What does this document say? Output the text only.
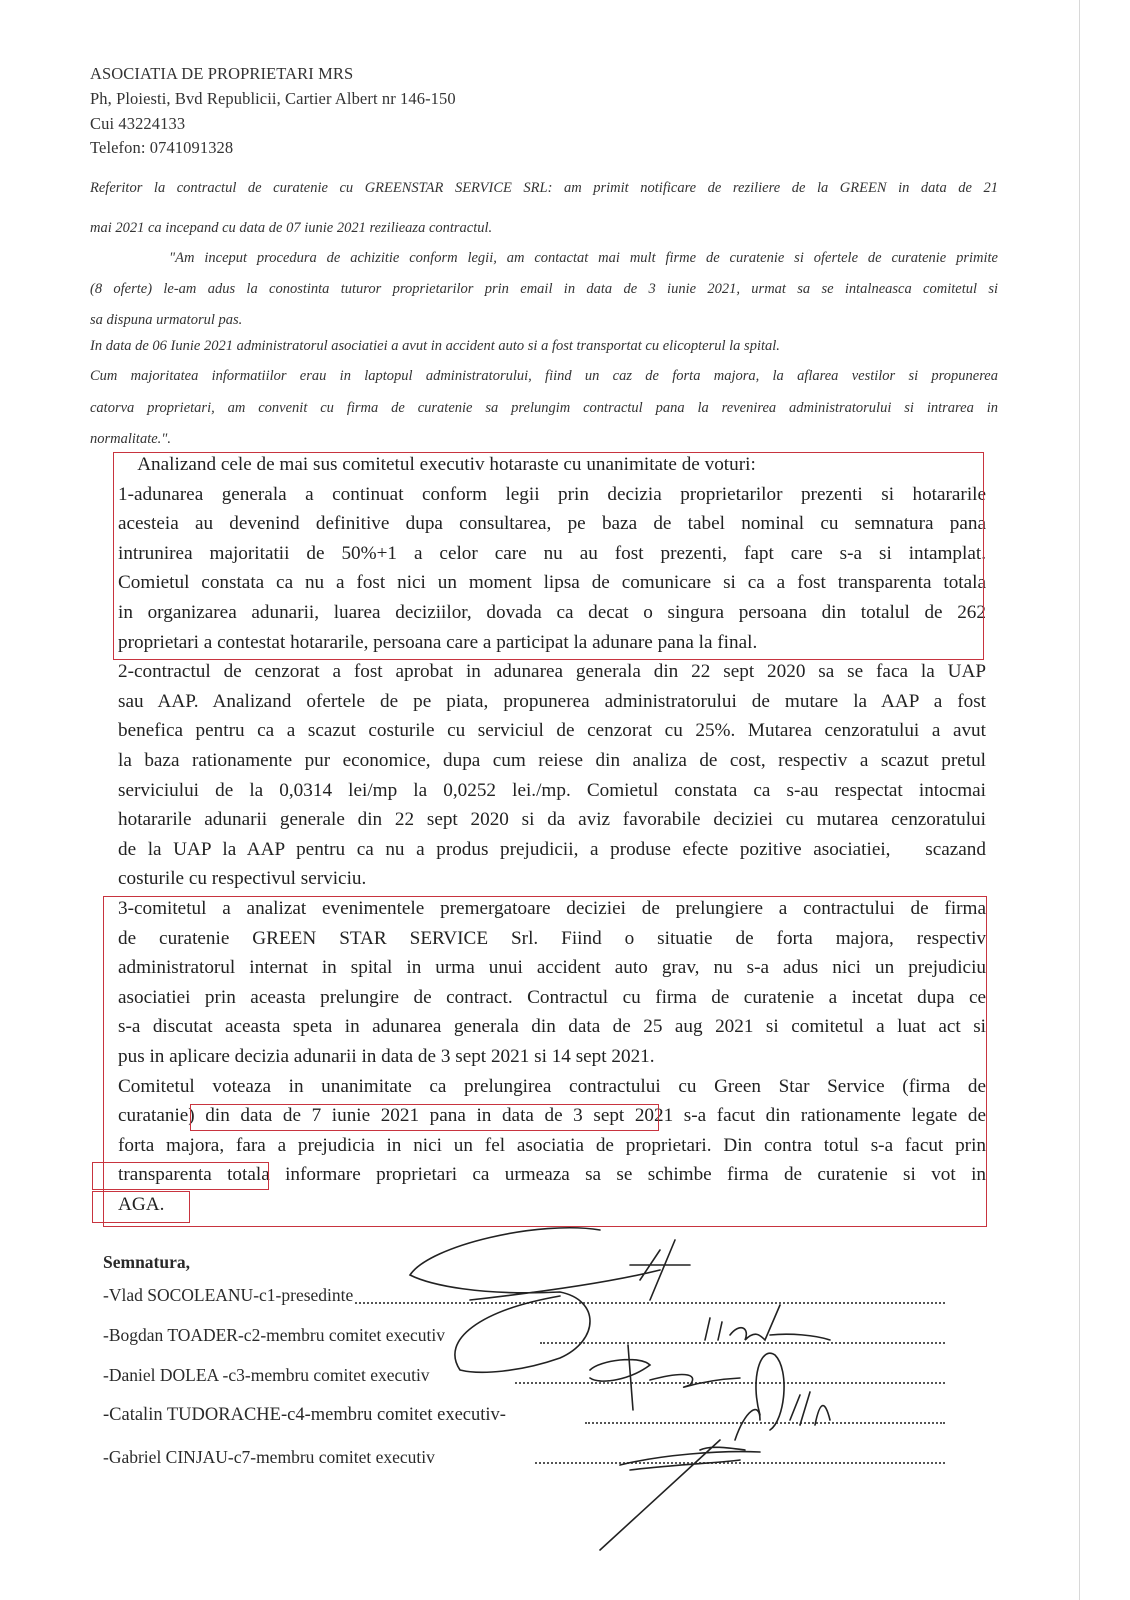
ASOCIATIA DE PROPRIETARI MRS
Ph, Ploiesti, Bvd Republicii, Cartier Albert nr 146-150
Cui 43224133
Telefon: 0741091328
Referitor la contractul de curatenie cu GREENSTAR SERVICE SRL: am primit notificare de reziliere de la GREEN in data de 21
mai 2021 ca incepand cu data de 07 iunie 2021 rezilieaza contractul.
"Am inceput procedura de achizitie conform legii, am contactat mai mult firme de curatenie si ofertele de curatenie primite
(8 oferte) le-am adus la conostinta tuturor proprietarilor prin email in data de 3 iunie 2021, urmat sa se intalneasca comitetul si
sa dispuna urmatorul pas.
In data de 06 Iunie 2021 administratorul asociatiei a avut in accident auto si a fost transportat cu elicopterul la spital.
Cum majoritatea informatiilor erau in laptopul administratorului, fiind un caz de forta majora, la aflarea vestilor si propunerea
catorva proprietari, am convenit cu firma de curatenie sa prelungim contractul pana la revenirea administratorului si intrarea in
normalitate.".
Analizand cele de mai sus comitetul executiv hotaraste cu unanimitate de voturi:
1-adunarea generala a continuat conform legii prin decizia proprietarilor prezenti si hotararile
acesteia au devenind definitive dupa consultarea, pe baza de tabel nominal cu semnatura pana
intrunirea majoritatii de 50%+1 a celor care nu au fost prezenti, fapt care s-a si intamplat.
Comietul constata ca nu a fost nici un moment lipsa de comunicare si ca a fost transparenta totala
in organizarea adunarii, luarea deciziilor, dovada ca decat o singura persoana din totalul de 262
proprietari a contestat hotararile, persoana care a participat la adunare pana la final.
2-contractul de cenzorat a fost aprobat in adunarea generala din 22 sept 2020 sa se faca la UAP
sau AAP. Analizand ofertele de pe piata, propunerea administratorului de mutare la AAP a fost
benefica pentru ca a scazut costurile cu serviciul de cenzorat cu 25%. Mutarea cenzoratului a avut
la baza rationamente pur economice, dupa cum reiese din analiza de cost, respectiv a scazut pretul
serviciului de la 0,0314 lei/mp la 0,0252 lei./mp. Comietul constata ca s-au respectat intocmai
hotararile adunarii generale din 22 sept 2020 si da aviz favorabile deciziei cu mutarea cenzoratului
de la UAP la AAP pentru ca nu a produs prejudicii, a produse efecte pozitive asociatiei,   scazand
costurile cu respectivul serviciu.
3-comitetul a analizat evenimentele premergatoare deciziei de prelungiere a contractului de firma
de curatenie GREEN STAR SERVICE Srl. Fiind o situatie de forta majora, respectiv
administratorul internat in spital in urma unui accident auto grav, nu s-a adus nici un prejudiciu
asociatiei prin aceasta prelungire de contract. Contractul cu firma de curatenie a incetat dupa ce
s-a discutat aceasta speta in adunarea generala din data de 25 aug 2021 si comitetul a luat act si
pus in aplicare decizia adunarii in data de 3 sept 2021 si 14 sept 2021.
Comitetul voteaza in unanimitate ca prelungirea contractului cu Green Star Service (firma de
curatanie) din data de 7 iunie 2021 pana in data de 3 sept 2021 s-a facut din rationamente legate de
forta majora, fara a prejudicia in nici un fel asociatia de proprietari. Din contra totul s-a facut prin
transparenta totala informare proprietari ca urmeaza sa se schimbe firma de curatenie si vot in
AGA.
Semnatura,
-Vlad SOCOLEANU-c1-presedinte
-Bogdan TOADER-c2-membru comitet executiv
-Daniel DOLEA -c3-membru comitet executiv
-Catalin TUDORACHE-c4-membru comitet executiv-
-Gabriel CINJAU-c7-membru comitet executiv
